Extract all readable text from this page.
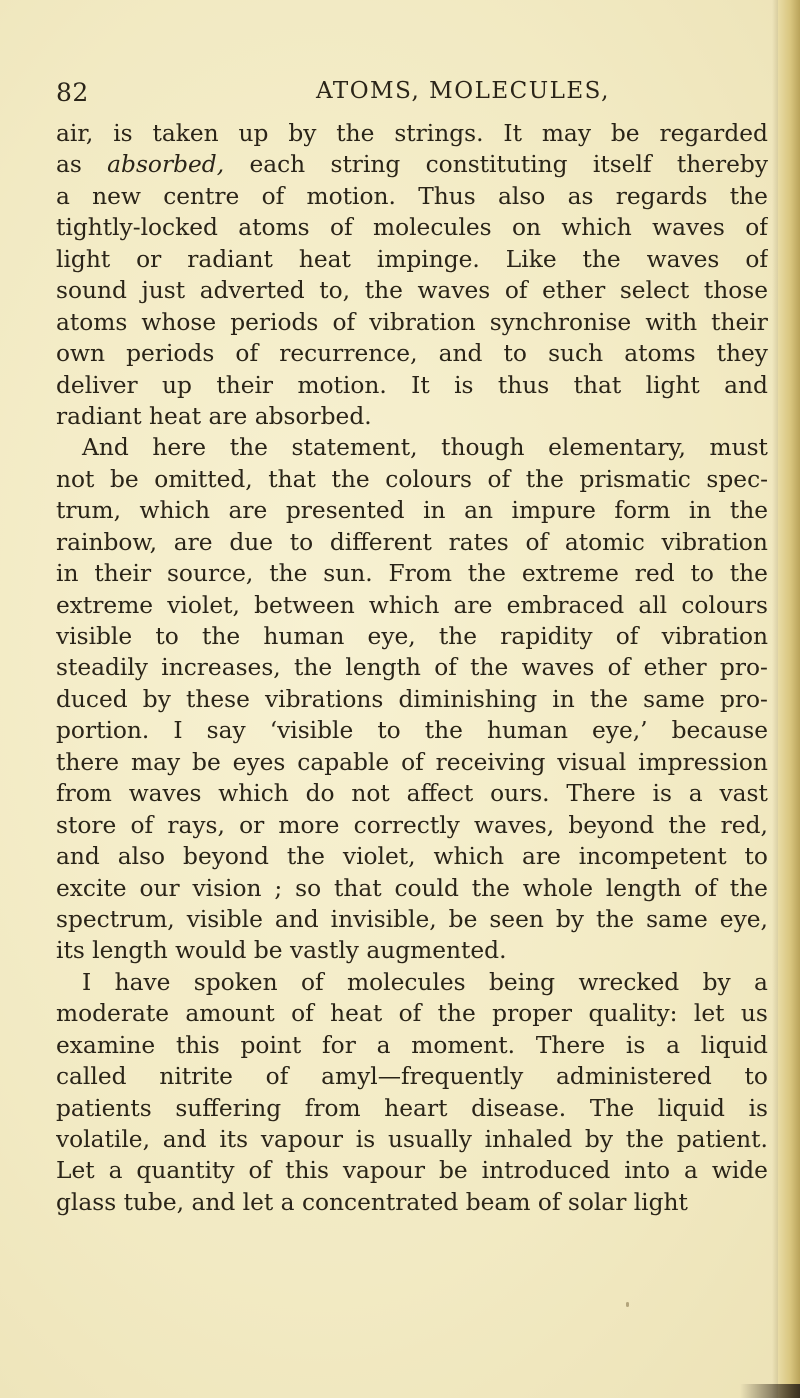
82	ATOMS, MOLECULES,
air, is taken up by the strings. It may be regarded
as absorbed, each string constituting itself thereby
a new centre of motion. Thus also as regards the
tightly-locked atoms of molecules on which waves of
light or radiant heat impinge. Like the waves of
sound just adverted to, the waves of ether select those
atoms whose periods of vibration synchronise with their
own periods of recurrence, and to such atoms they
deliver up their motion. It is thus that light and
radiant heat are absorbed.
And here the statement, though elementary, must
not be omitted, that the colours of the prismatic spec-
trum, which are presented in an impure form in the
rainbow, are due to different rates of atomic vibration
in their source, the sun. From the extreme red to the
extreme violet, between which are embraced all colours
visible to the human eye, the rapidity of vibration
steadily increases, the length of the waves of ether pro-
duced by these vibrations diminishing in the same pro-
portion. I say ‘visible to the human eye,’ because
there may be eyes capable of receiving visual impression
from waves which do not affect ours. There is a vast
store of rays, or more correctly waves, beyond the red,
and also beyond the violet, which are incompetent to
excite our vision ; so that could the whole length of the
spectrum, visible and invisible, be seen by the same eye,
its length would be vastly augmented.
I have spoken of molecules being wrecked by a
moderate amount of heat of the proper quality: let us
examine this point for a moment. There is a liquid
called nitrite of amyl—frequently administered to
patients suffering from heart disease. The liquid is
volatile, and its vapour is usually inhaled by the patient.
Let a quantity of this vapour be introduced into a wide
glass tube, and let a concentrated beam of solar light
